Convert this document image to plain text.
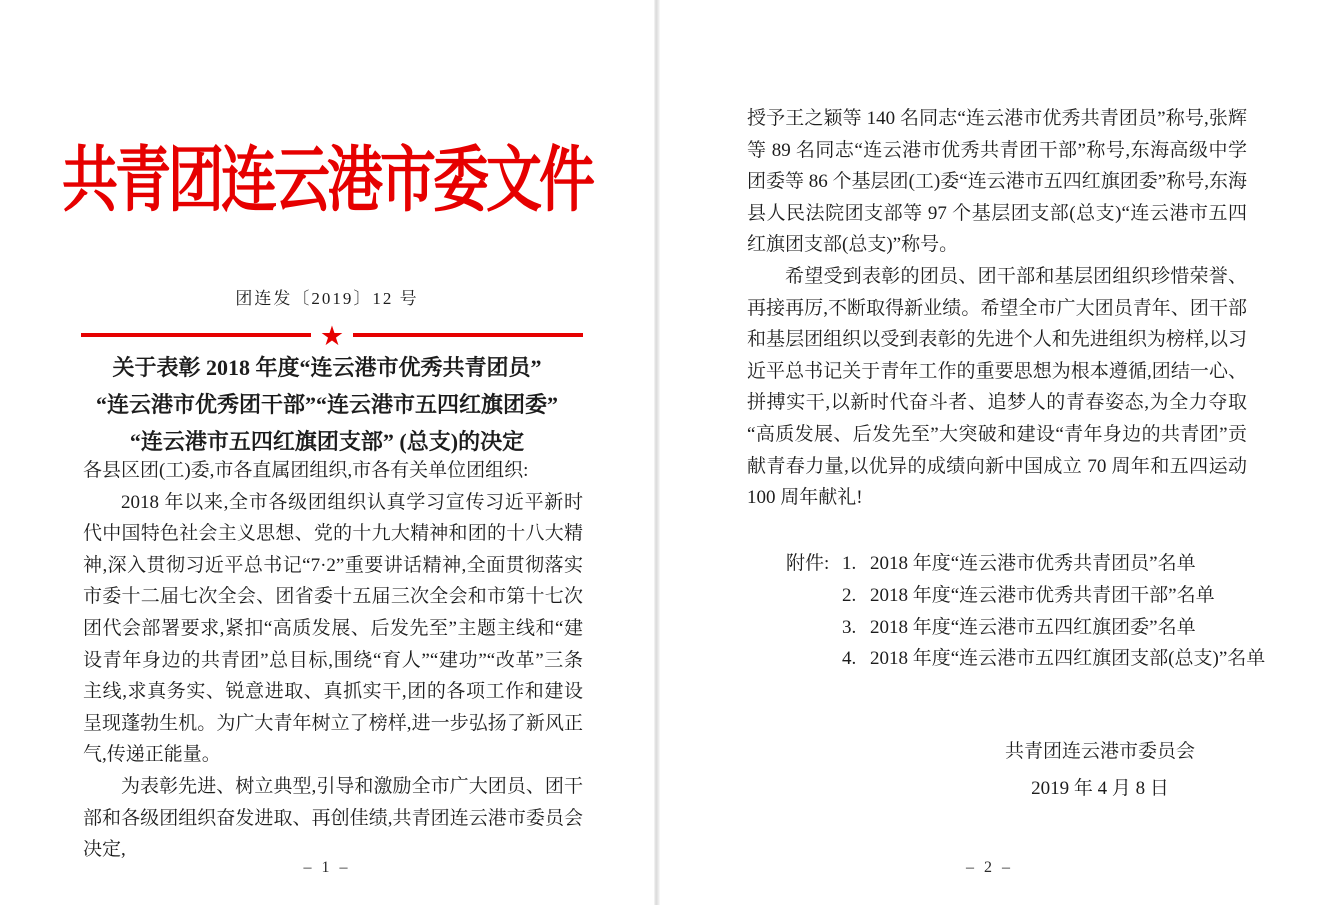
共青团连云港市委文件
团连发〔2019〕12 号
★
关于表彰 2018 年度“连云港市优秀共青团员”
“连云港市优秀团干部”“连云港市五四红旗团委”
“连云港市五四红旗团支部” (总支)的决定

各县区团(工)委,市各直属团组织,市各有关单位团组织:

2018 年以来,全市各级团组织认真学习宣传习近平新时代中国特色社会主义思想、党的十九大精神和团的十八大精神,深入贯彻习近平总书记“7·2”重要讲话精神,全面贯彻落实市委十二届七次全会、团省委十五届三次全会和市第十七次团代会部署要求,紧扣“高质发展、后发先至”主题主线和“建设青年身边的共青团”总目标,围绕“育人”“建功”“改革”三条主线,求真务实、锐意进取、真抓实干,团的各项工作和建设呈现蓬勃生机。为广大青年树立了榜样,进一步弘扬了新风正气,传递正能量。

为表彰先进、树立典型,引导和激励全市广大团员、团干部和各级团组织奋发进取、再创佳绩,共青团连云港市委员会决定,

– 1 –

授予王之颖等 140 名同志“连云港市优秀共青团员”称号,张辉等 89 名同志“连云港市优秀共青团干部”称号,东海高级中学团委等 86 个基层团(工)委“连云港市五四红旗团委”称号,东海县人民法院团支部等 97 个基层团支部(总支)“连云港市五四红旗团支部(总支)”称号。

希望受到表彰的团员、团干部和基层团组织珍惜荣誉、再接再厉,不断取得新业绩。希望全市广大团员青年、团干部和基层团组织以受到表彰的先进个人和先进组织为榜样,以习近平总书记关于青年工作的重要思想为根本遵循,团结一心、拼搏实干,以新时代奋斗者、追梦人的青春姿态,为全力夺取“高质发展、后发先至”大突破和建设“青年身边的共青团”贡献青春力量,以优异的成绩向新中国成立 70 周年和五四运动 100 周年献礼!

附件: 1. 2018 年度“连云港市优秀共青团员”名单
2. 2018 年度“连云港市优秀共青团干部”名单
3. 2018 年度“连云港市五四红旗团委”名单
4. 2018 年度“连云港市五四红旗团支部(总支)”名单
共青团连云港市委员会
2019 年 4 月 8 日
– 2 –
